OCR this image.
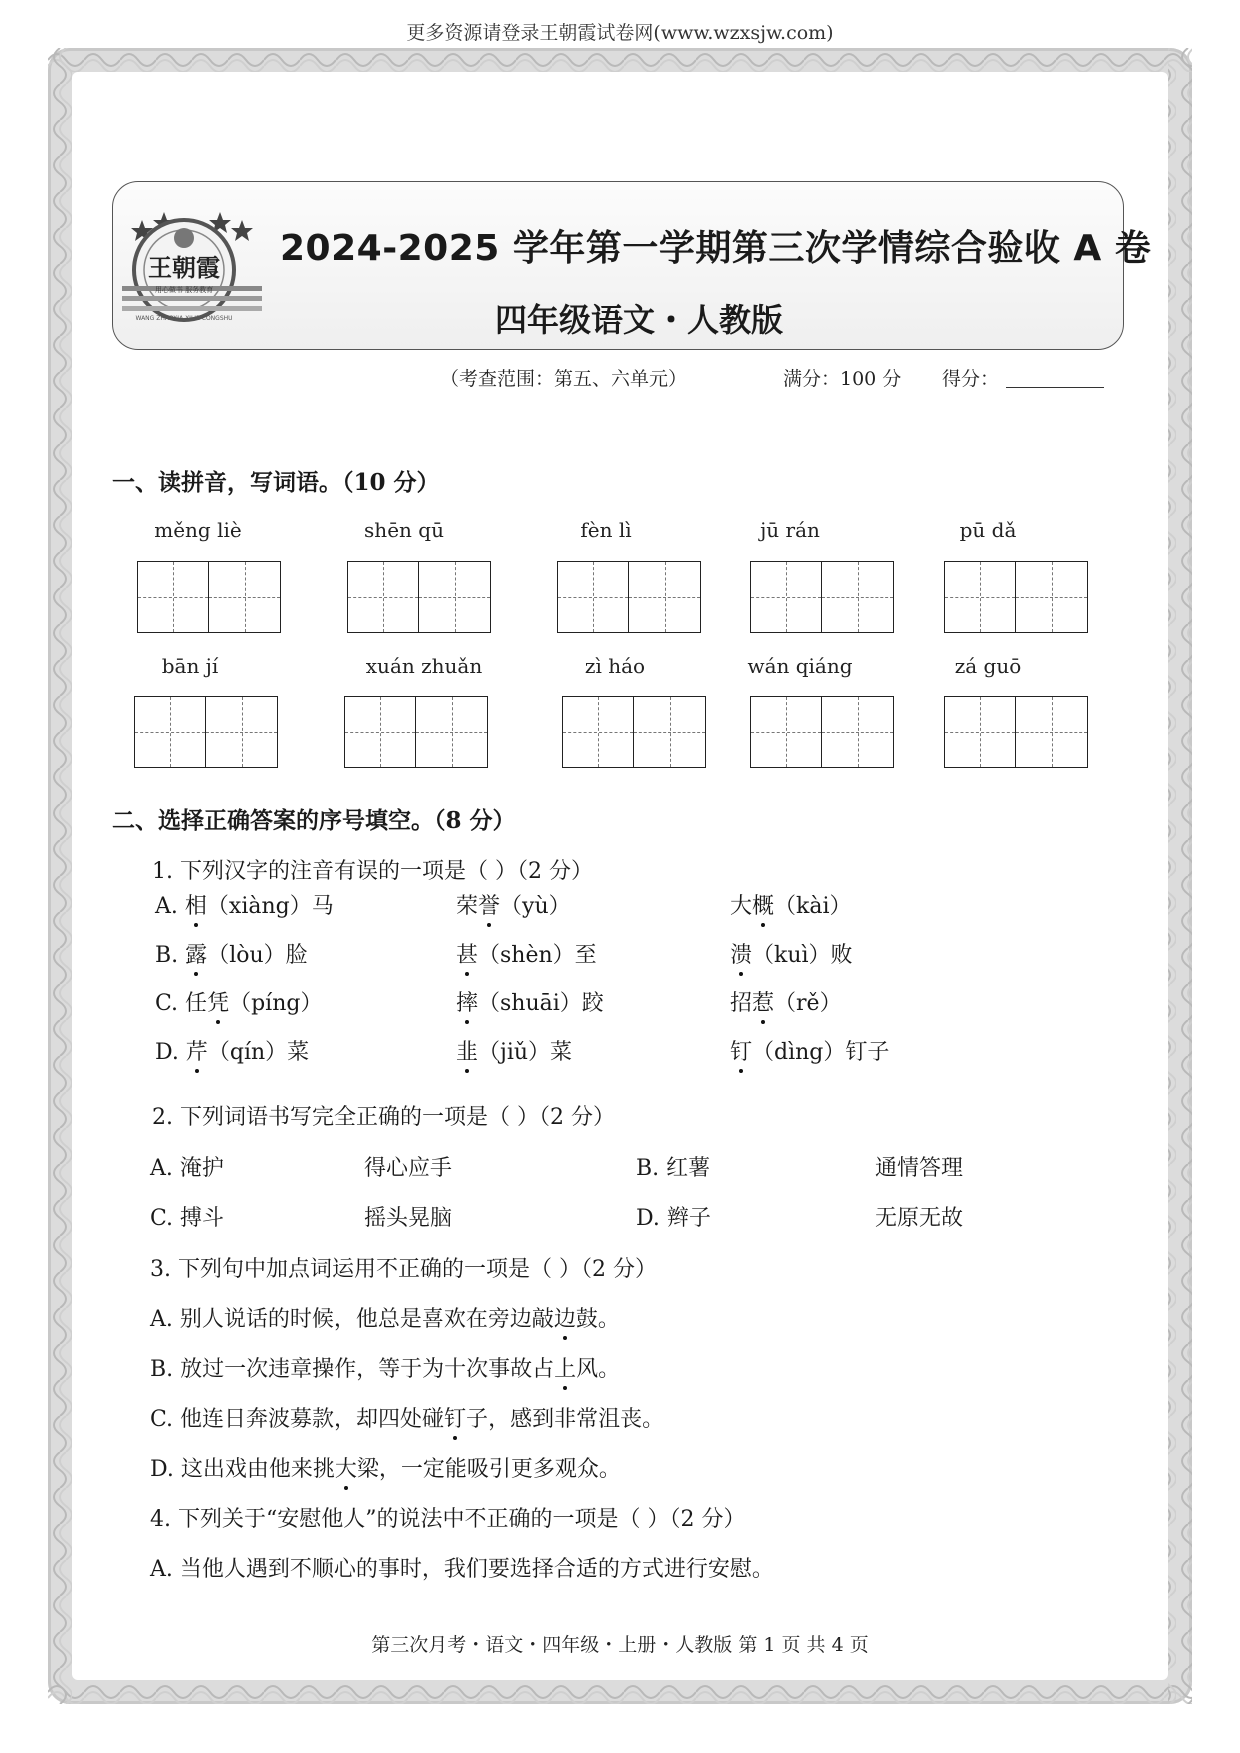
更多资源请登录王朝霞试卷网(www.wzxsjw.com)
王朝霞
用心做书 服务教育
WANG ZHAOXIA XILIE CONGSHU
2024-2025 学年第一学期第三次学情综合验收 A 卷
四年级语文・人教版
（考查范围：第五、六单元）	满分：100 分 得分：
一、读拼音，写词语。（10 分）
měng liè	shēn qū	fèn lì	jū rán	pū dǎ
bān jí	xuán zhuǎn	zì háo	wán qiáng	zá guō
二、选择正确答案的序号填空。（8 分）
1. 下列汉字的注音有误的一项是（ ）（2 分）
A. 相（xiàng）马	荣誉（yù）	大概（kài）
B. 露（lòu）脸	甚（shèn）至	溃（kuì）败
C. 任凭（píng）	摔（shuāi）跤	招惹（rě）
D. 芹（qín）菜	韭（jiǔ）菜	钉（dìng）钉子
2. 下列词语书写完全正确的一项是（ ）（2 分）
A. 淹护	得心应手	B. 红薯	通情答理
C. 搏斗	摇头晃脑	D. 辫子	无原无故
3. 下列句中加点词运用不正确的一项是（ ）（2 分）
A. 别人说话的时候，他总是喜欢在旁边敲边鼓。
B. 放过一次违章操作，等于为十次事故占上风。
C. 他连日奔波募款，却四处碰钉子，感到非常沮丧。
D. 这出戏由他来挑大梁，一定能吸引更多观众。
4. 下列关于“安慰他人”的说法中不正确的一项是（ ）（2 分）
A. 当他人遇到不顺心的事时，我们要选择合适的方式进行安慰。
第三次月考・语文・四年级・上册・人教版 第 1 页 共 4 页
